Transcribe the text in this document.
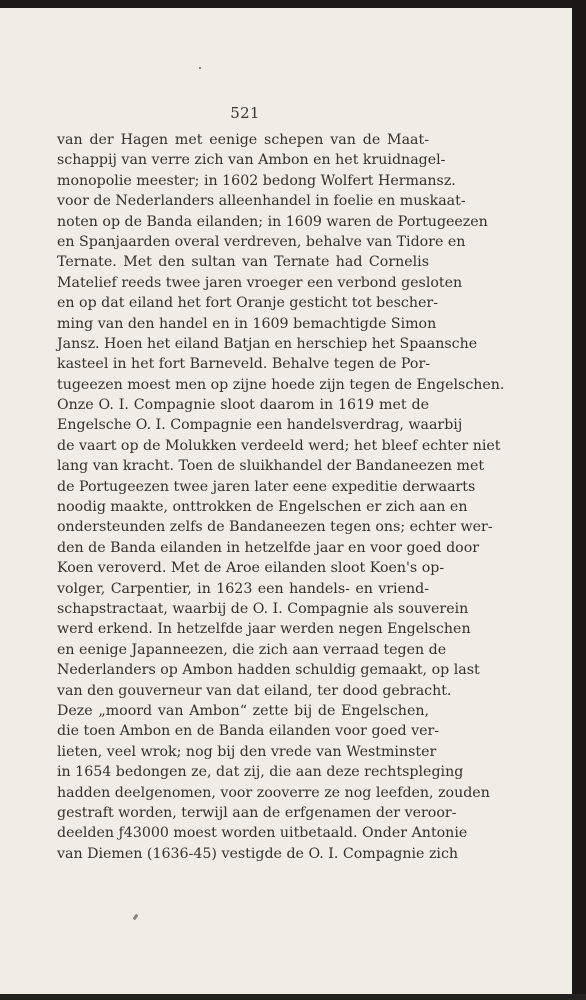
521
van der Hagen met eenige schepen van de Maat-
schappij van verre zich van Ambon en het kruidnagel-
monopolie meester; in 1602 bedong Wolfert Hermansz.
voor de Nederlanders alleenhandel in foelie en muskaat-
noten op de Banda eilanden; in 1609 waren de Portugeezen
en Spanjaarden overal verdreven, behalve van Tidore en
Ternate. Met den sultan van Ternate had Cornelis
Matelief reeds twee jaren vroeger een verbond gesloten
en op dat eiland het fort Oranje gesticht tot bescher-
ming van den handel en in 1609 bemachtigde Simon
Jansz. Hoen het eiland Batjan en herschiep het Spaansche
kasteel in het fort Barneveld. Behalve tegen de Por-
tugeezen moest men op zijne hoede zijn tegen de Engelschen.
Onze O. I. Compagnie sloot daarom in 1619 met de
Engelsche O. I. Compagnie een handelsverdrag, waarbij
de vaart op de Molukken verdeeld werd; het bleef echter niet
lang van kracht. Toen de sluikhandel der Bandaneezen met
de Portugeezen twee jaren later eene expeditie derwaarts
noodig maakte, onttrokken de Engelschen er zich aan en
ondersteunden zelfs de Bandaneezen tegen ons; echter wer-
den de Banda eilanden in hetzelfde jaar en voor goed door
Koen veroverd. Met de Aroe eilanden sloot Koen's op-
volger, Carpentier, in 1623 een handels- en vriend-
schapstractaat, waarbij de O. I. Compagnie als souverein
werd erkend. In hetzelfde jaar werden negen Engelschen
en eenige Japanneezen, die zich aan verraad tegen de
Nederlanders op Ambon hadden schuldig gemaakt, op last
van den gouverneur van dat eiland, ter dood gebracht.
Deze „moord van Ambon“ zette bij de Engelschen,
die toen Ambon en de Banda eilanden voor goed ver-
lieten, veel wrok; nog bij den vrede van Westminster
in 1654 bedongen ze, dat zij, die aan deze rechtspleging
hadden deelgenomen, voor zooverre ze nog leefden, zouden
gestraft worden, terwijl aan de erfgenamen der veroor-
deelden ƒ43000 moest worden uitbetaald. Onder Antonie
van Diemen (1636-45) vestigde de O. I. Compagnie zich
